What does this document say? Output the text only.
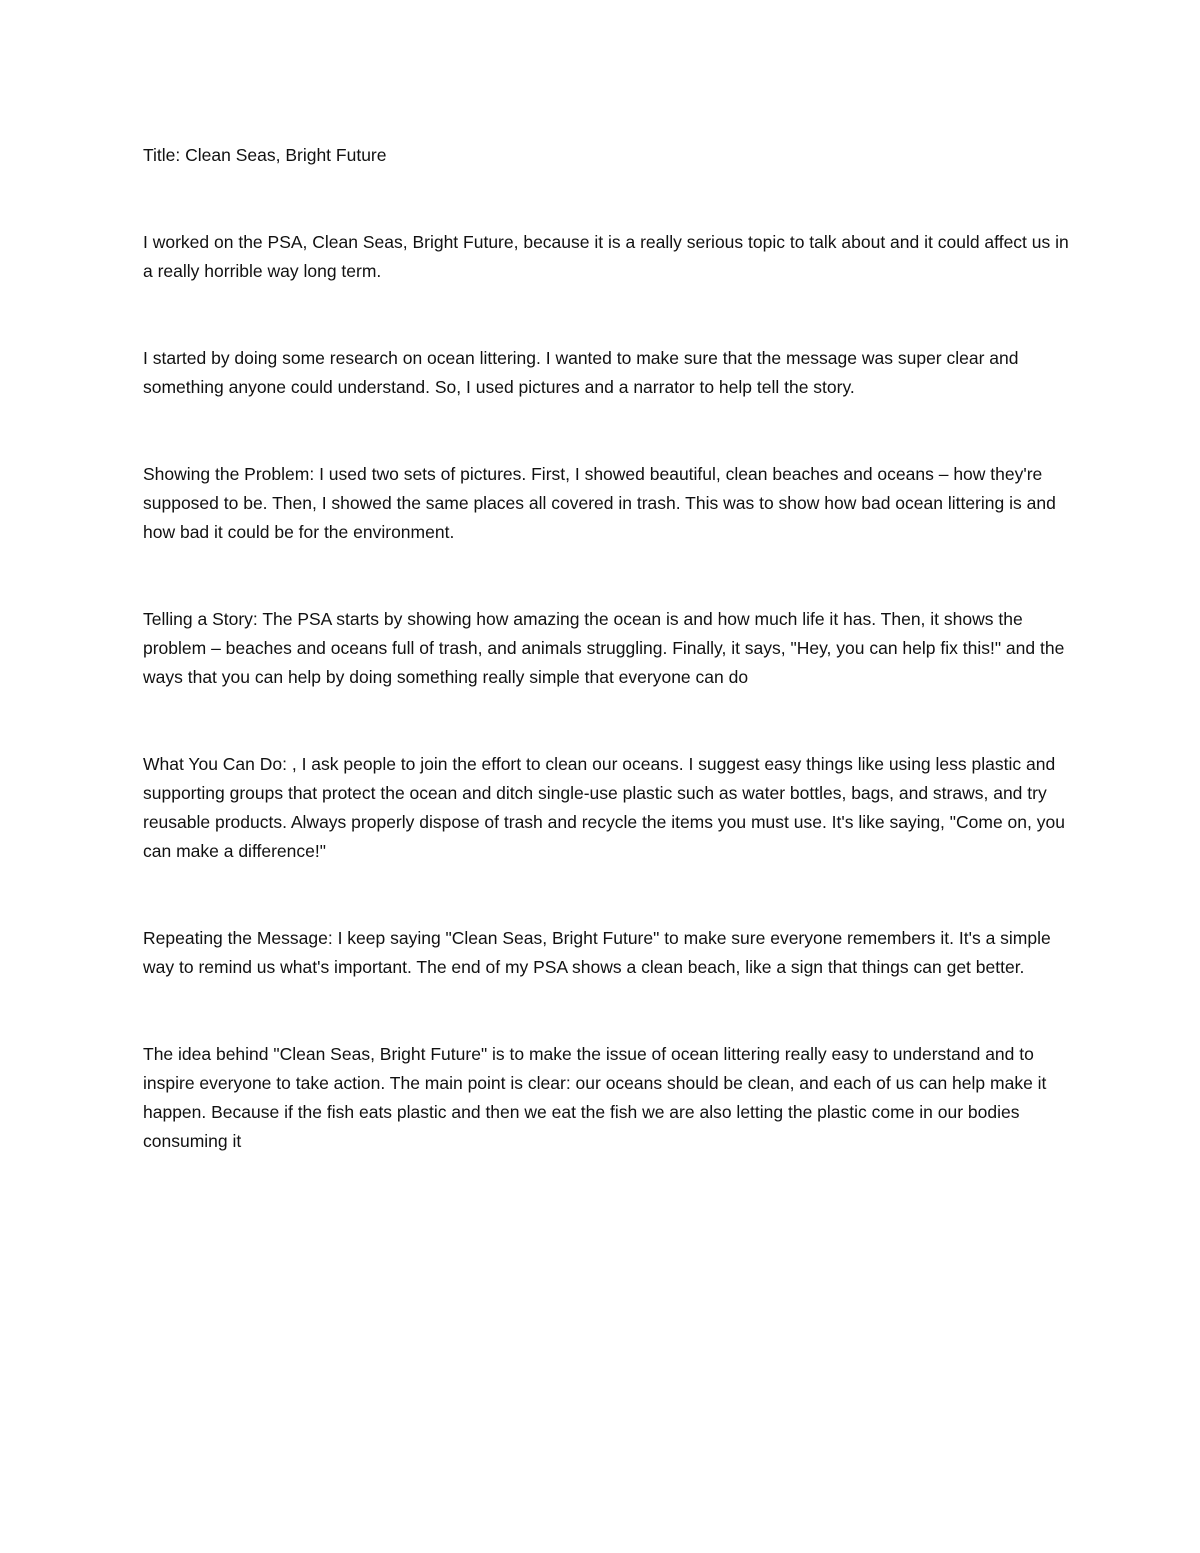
Title: Clean Seas, Bright Future

I worked on the PSA, Clean Seas, Bright Future, because it is a really serious topic to talk about and it could affect us in a really horrible way long term.

I started by doing some research on ocean littering. I wanted to make sure that the message was super clear and something anyone could understand. So, I used pictures and a narrator to help tell the story.

Showing the Problem: I used two sets of pictures. First, I showed beautiful, clean beaches and oceans – how they're supposed to be. Then, I showed the same places all covered in trash. This was to show how bad ocean littering is and how bad it could be for the environment.

Telling a Story: The PSA starts by showing how amazing the ocean is and how much life it has. Then, it shows the problem – beaches and oceans full of trash, and animals struggling. Finally, it says, "Hey, you can help fix this!" and the ways that you can help by doing something really simple that everyone can do

What You Can Do: , I ask people to join the effort to clean our oceans. I suggest easy things like using less plastic and supporting groups that protect the ocean and ditch single-use plastic such as water bottles, bags, and straws, and try reusable products. Always properly dispose of trash and recycle the items you must use. It's like saying, "Come on, you can make a difference!"

Repeating the Message: I keep saying "Clean Seas, Bright Future" to make sure everyone remembers it. It's a simple way to remind us what's important. The end of my PSA shows a clean beach, like a sign that things can get better.

The idea behind "Clean Seas, Bright Future" is to make the issue of ocean littering really easy to understand and to inspire everyone to take action. The main point is clear: our oceans should be clean, and each of us can help make it happen. Because if the fish eats plastic and then we eat the fish we are also letting the plastic come in our bodies consuming it
